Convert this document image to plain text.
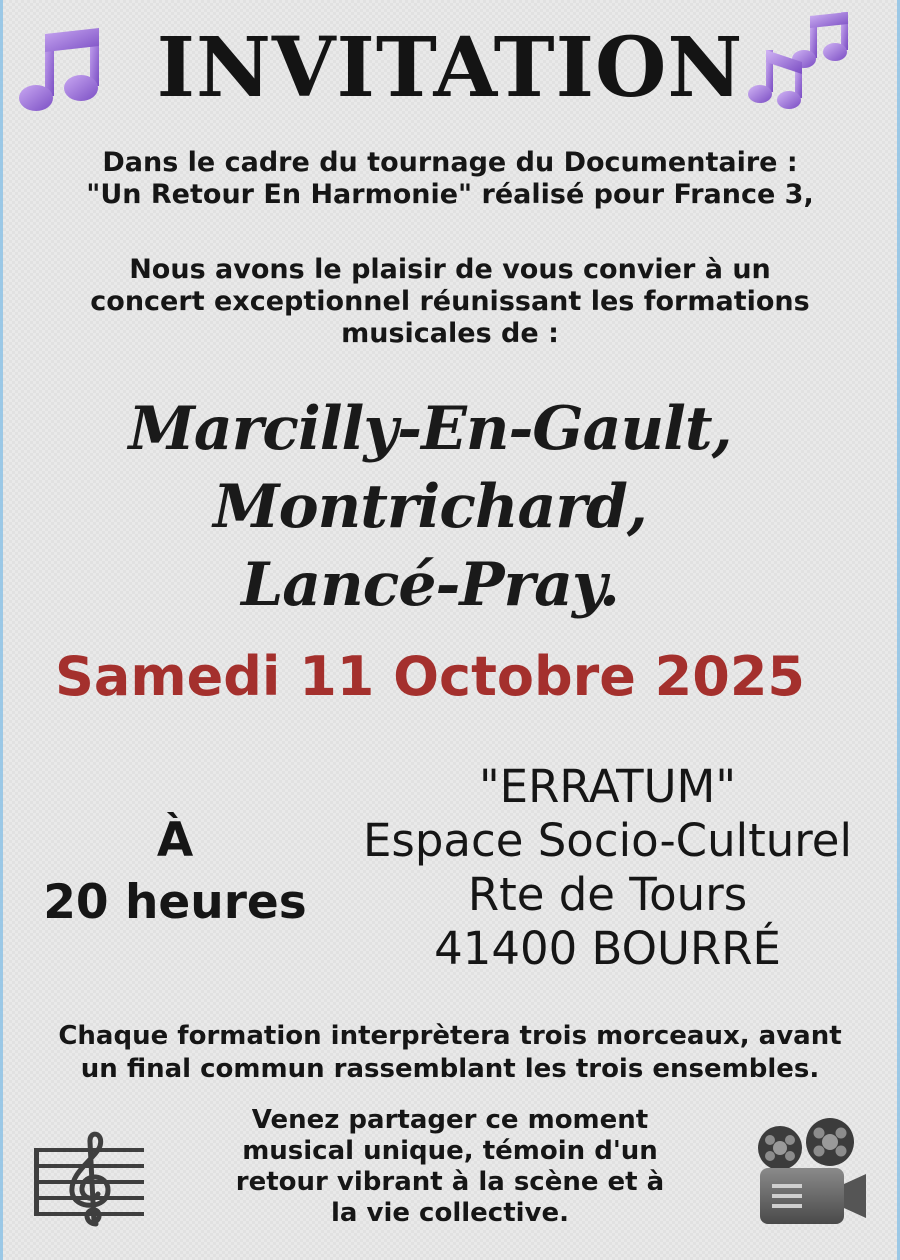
INVITATION
Dans le cadre du tournage du Documentaire :
"Un Retour En Harmonie" réalisé pour France 3,
Nous avons le plaisir de vous convier à un
concert exceptionnel réunissant les formations
musicales de :
Marcilly-En-Gault,
Montrichard,
Lancé-Pray.
Samedi 11 Octobre 2025
À
20 heures
"ERRATUM"
Espace Socio-Culturel
Rte de Tours
41400 BOURRÉ
Chaque formation interprètera trois morceaux, avant
un final commun rassemblant les trois ensembles.
Venez partager ce moment
musical unique, témoin d'un
retour vibrant à la scène et à
la vie collective.
